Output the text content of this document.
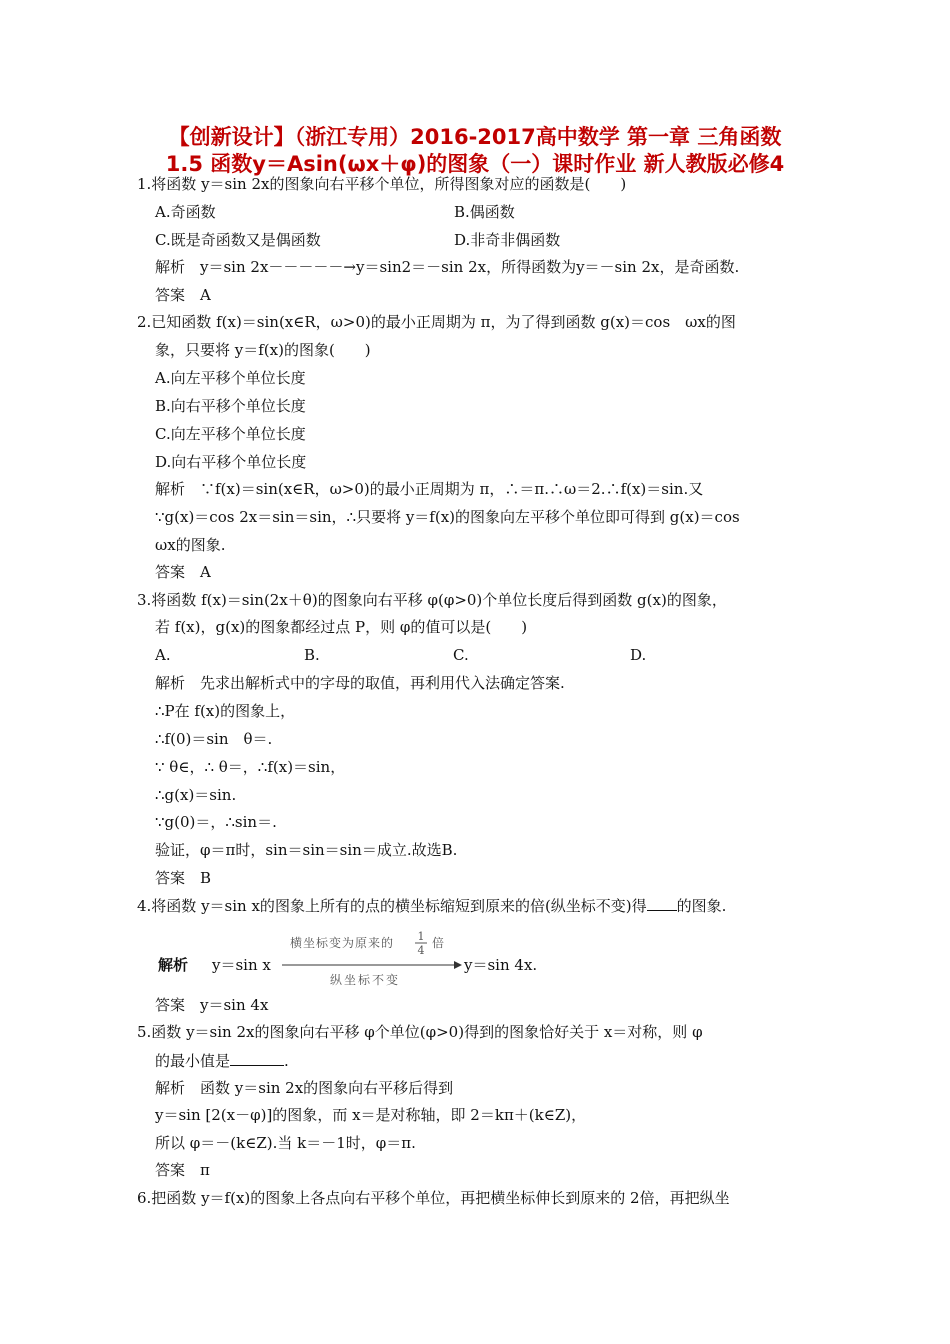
【创新设计】（浙江专用）2016-2017高中数学 第一章 三角函数
1.5 函数y＝Asin(ωx＋φ)的图象（一）课时作业 新人教版必修4
1.将函数 y＝sin 2x的图象向右平移个单位，所得图象对应的函数是(　　)
A.奇函数	B.偶函数
C.既是奇函数又是偶函数	D.非奇非偶函数
解析　y＝sin 2x－－－－－→y＝sin2＝－sin 2x，所得函数为y＝－sin 2x，是奇函数.
答案　A
2.已知函数 f(x)＝sin(x∈R，ω>0)的最小正周期为 π，为了得到函数 g(x)＝cos　ωx的图
象，只要将 y＝f(x)的图象(　　)
A.向左平移个单位长度
B.向右平移个单位长度
C.向左平移个单位长度
D.向右平移个单位长度
解析　∵f(x)＝sin(x∈R，ω>0)的最小正周期为 π，∴＝π.∴ω＝2.∴f(x)＝sin.又
∵g(x)＝cos 2x＝sin＝sin，∴只要将 y＝f(x)的图象向左平移个单位即可得到 g(x)＝cos
ωx的图象.
答案　A
3.将函数 f(x)＝sin(2x＋θ)的图象向右平移 φ(φ>0)个单位长度后得到函数 g(x)的图象，
若 f(x)，g(x)的图象都经过点 P，则 φ的值可以是(　　)
A.	B.	C.	D.
解析　先求出解析式中的字母的取值，再利用代入法确定答案.
∴P在 f(x)的图象上，
∴f(0)＝sin　θ＝.
∵ θ∈，∴ θ＝，∴f(x)＝sin，
∴g(x)＝sin.
∵g(0)＝，∴sin＝.
验证，φ＝π时，sin＝sin＝sin＝成立.故选B.
答案　B
4.将函数 y＝sin x的图象上所有的点的横坐标缩短到原来的倍(纵坐标不变)得 的图象.
解析 y＝sin x
横坐标变为原来的 1
4
倍
纵坐标不变
y＝sin 4x.
答案　y＝sin 4x
5.函数 y＝sin 2x的图象向右平移 φ个单位(φ>0)得到的图象恰好关于 x＝对称，则 φ
的最小值是	.
解析　函数 y＝sin 2x的图象向右平移后得到
y＝sin [2(x－φ)]的图象，而 x＝是对称轴，即 2＝kπ＋(k∈Z)，
所以 φ＝－(k∈Z).当 k＝－1时，φ＝π.
答案　π
6.把函数 y＝f(x)的图象上各点向右平移个单位，再把横坐标伸长到原来的 2倍，再把纵坐
